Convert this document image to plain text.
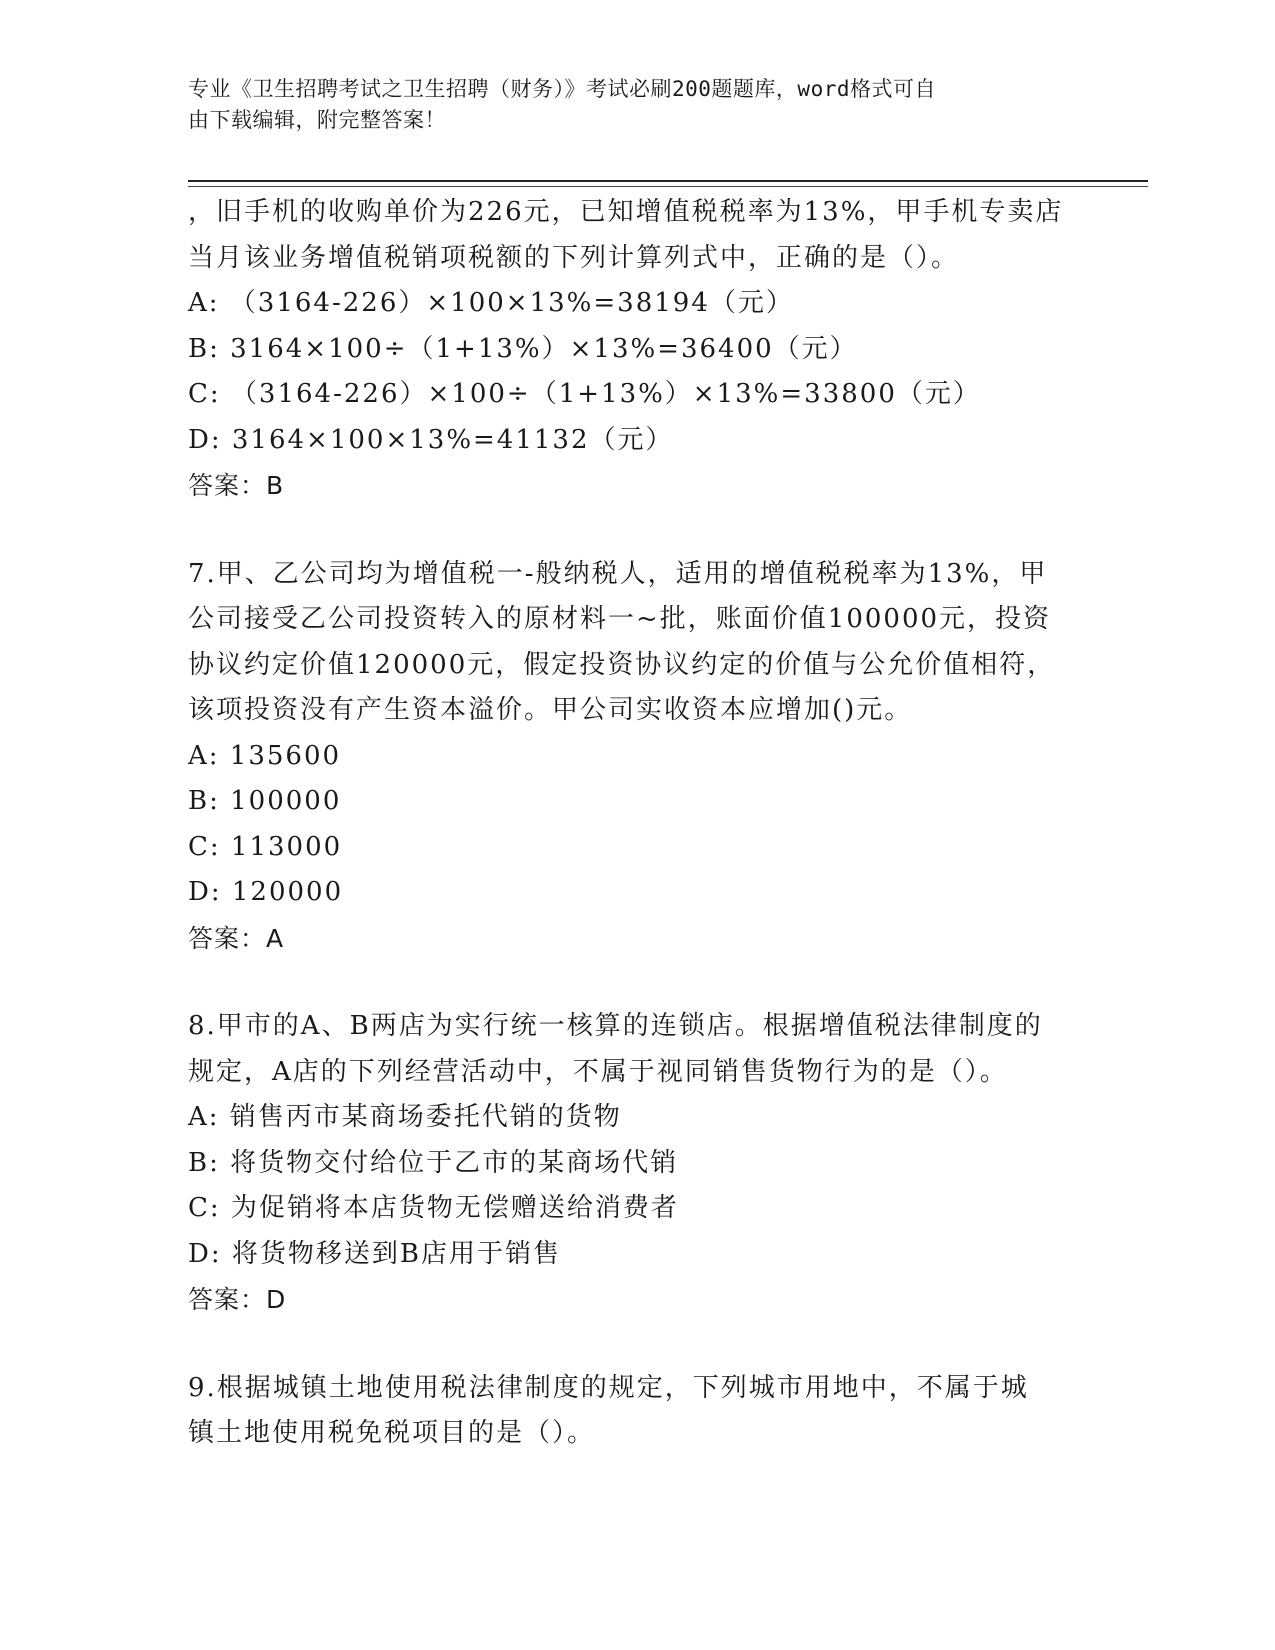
专业《卫生招聘考试之卫生招聘（财务）》考试必刷200题题库，word格式可自
由下载编辑，附完整答案！
，旧手机的收购单价为226元，已知增值税税率为13%，甲手机专卖店
当月该业务增值税销项税额的下列计算列式中，正确的是（）。
A: （3164-226）×100×13%=38194（元）
B: 3164×100÷（1+13%）×13%=36400（元）
C: （3164-226）×100÷（1+13%）×13%=33800（元）
D: 3164×100×13%=41132（元）
答案：B
7.甲、乙公司均为增值税一-般纳税人，适用的增值税税率为13%，甲
公司接受乙公司投资转入的原材料一~批，账面价值100000元，投资
协议约定价值120000元，假定投资协议约定的价值与公允价值相符，
该项投资没有产生资本溢价。甲公司实收资本应增加()元。
A: 135600
B: 100000
C: 113000
D: 120000
答案：A
8.甲市的A、B两店为实行统一核算的连锁店。根据增值税法律制度的
规定，A店的下列经营活动中，不属于视同销售货物行为的是（）。
A: 销售丙市某商场委托代销的货物
B: 将货物交付给位于乙市的某商场代销
C: 为促销将本店货物无偿赠送给消费者
D: 将货物移送到B店用于销售
答案：D
9.根据城镇土地使用税法律制度的规定，下列城市用地中，不属于城
镇土地使用税免税项目的是（）。
